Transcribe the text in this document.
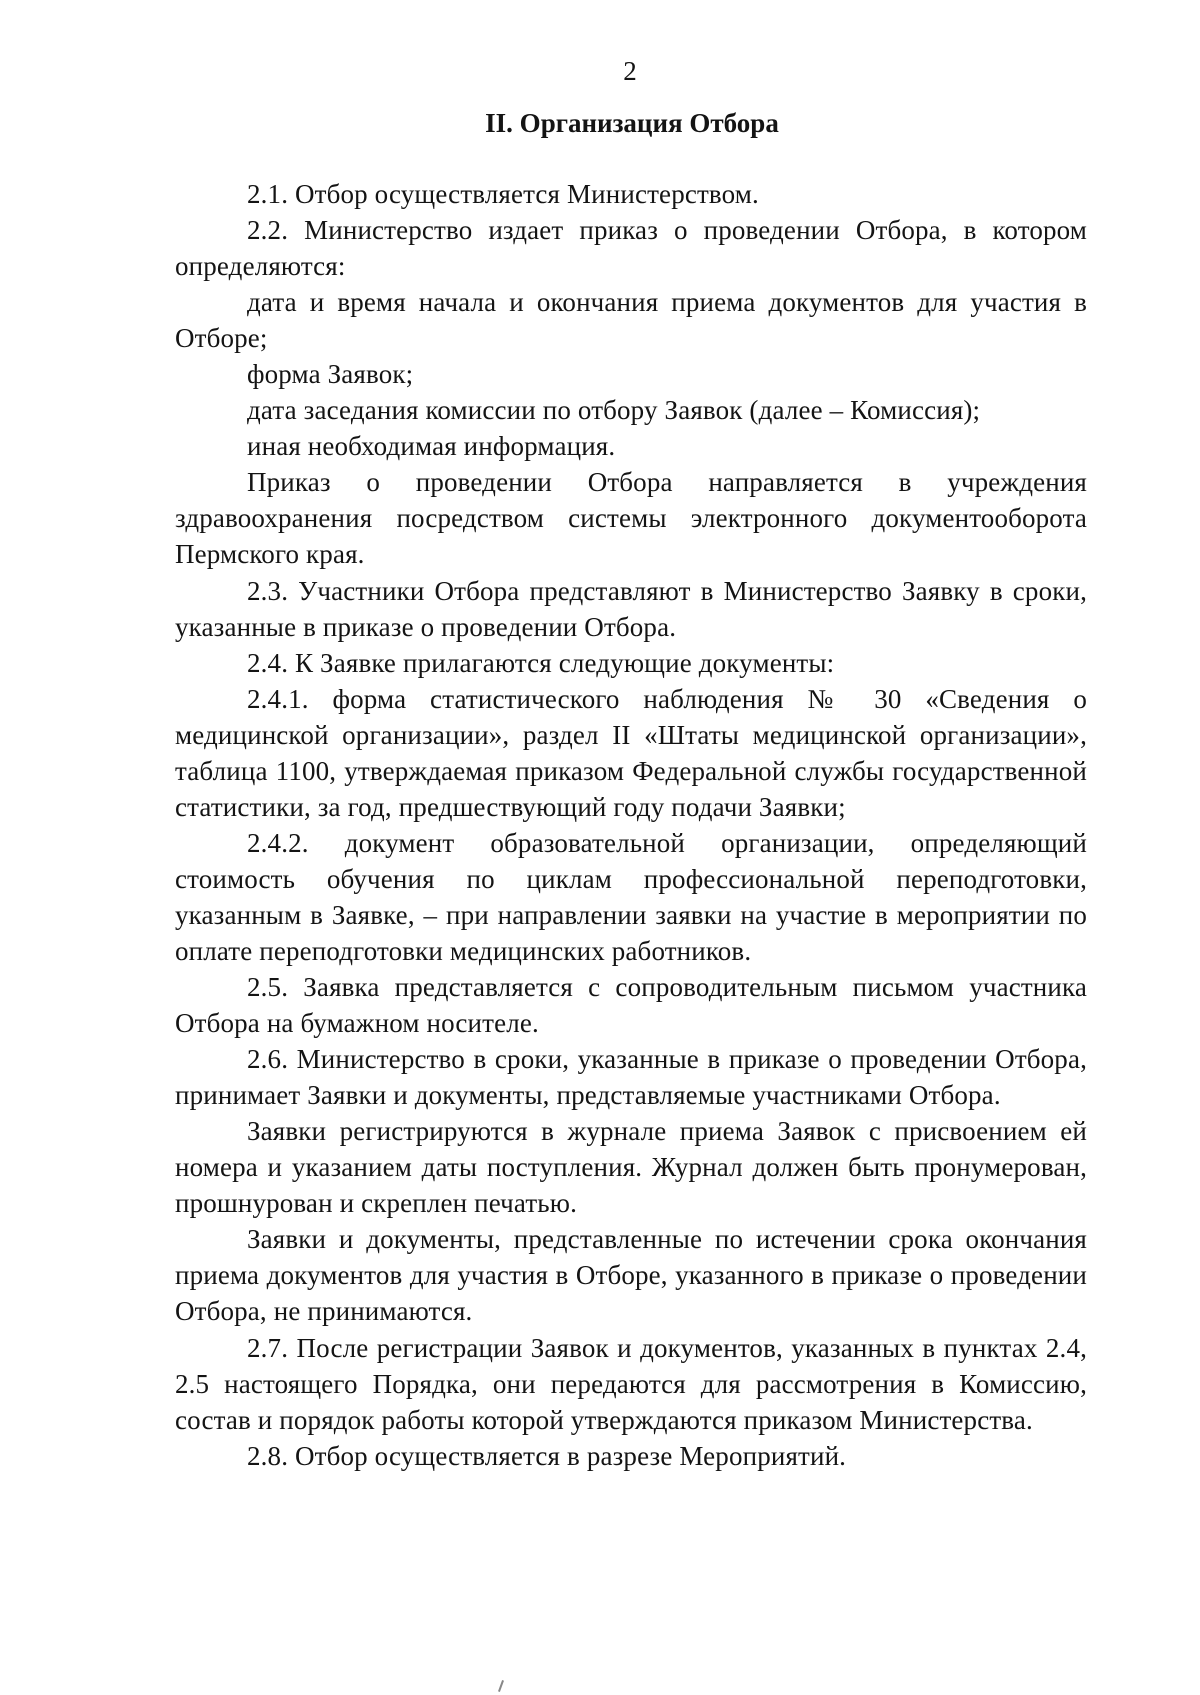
2
II. Организация Отбора

2.1. Отбор осуществляется Министерством.

2.2. Министерство издает приказ о проведении Отбора, в котором определяются:

дата и время начала и окончания приема документов для участия в Отборе;

форма Заявок;

дата заседания комиссии по отбору Заявок (далее – Комиссия);

иная необходимая информация.

Приказ о проведении Отбора направляется в учреждения здравоохранения посредством системы электронного документооборота Пермского края.

2.3. Участники Отбора представляют в Министерство Заявку в сроки, указанные в приказе о проведении Отбора.

2.4. К Заявке прилагаются следующие документы:

2.4.1. форма статистического наблюдения № 30 «Сведения о медицинской организации», раздел II «Штаты медицинской организации», таблица 1100, утверждаемая приказом Федеральной службы государственной статистики, за год, предшествующий году подачи Заявки;

2.4.2. документ образовательной организации, определяющий стоимость обучения по циклам профессиональной переподготовки, указанным в Заявке, – при направлении заявки на участие в мероприятии по оплате переподготовки медицинских работников.

2.5. Заявка представляется с сопроводительным письмом участника Отбора на бумажном носителе.

2.6. Министерство в сроки, указанные в приказе о проведении Отбора, принимает Заявки и документы, представляемые участниками Отбора.

Заявки регистрируются в журнале приема Заявок с присвоением ей номера и указанием даты поступления. Журнал должен быть пронумерован, прошнурован и скреплен печатью.

Заявки и документы, представленные по истечении срока окончания приема документов для участия в Отборе, указанного в приказе о проведении Отбора, не принимаются.

2.7. После регистрации Заявок и документов, указанных в пунктах 2.4, 2.5 настоящего Порядка, они передаются для рассмотрения в Комиссию, состав и порядок работы которой утверждаются приказом Министерства.

2.8. Отбор осуществляется в разрезе Мероприятий.
